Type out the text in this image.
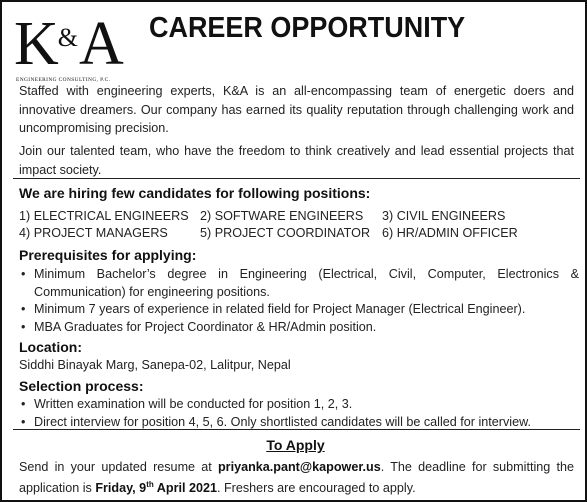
K&A
ENGINEERING CONSULTING, P.C.
CAREER OPPORTUNITY

Staffed with engineering experts, K&A is an all-encompassing team of energetic doers and innovative dreamers. Our company has earned its quality reputation through challenging work and uncompromising precision.

Join our talented team, who have the freedom to think creatively and lead essential projects that impact society.

We are hiring few candidates for following positions:
1) ELECTRICAL ENGINEERS 2) SOFTWARE ENGINEERS 3) CIVIL ENGINEERS
4) PROJECT MANAGERS	5) PROJECT COORDINATOR 6) HR/ADMIN OFFICER
Prerequisites for applying:
• Minimum Bachelor’s degree in Engineering (Electrical, Civil, Computer, Electronics & Communication) for engineering positions.
• Minimum 7 years of experience in related field for Project Manager (Electrical Engineer).
• MBA Graduates for Project Coordinator & HR/Admin position.
Location:
Siddhi Binayak Marg, Sanepa-02, Lalitpur, Nepal
Selection process:
• Written examination will be conducted for position 1, 2, 3.
• Direct interview for position 4, 5, 6. Only shortlisted candidates will be called for interview.
To Apply

Send in your updated resume at priyanka.pant@kapower.us. The deadline for submitting the application is Friday, 9th April 2021. Freshers are encouraged to apply.
